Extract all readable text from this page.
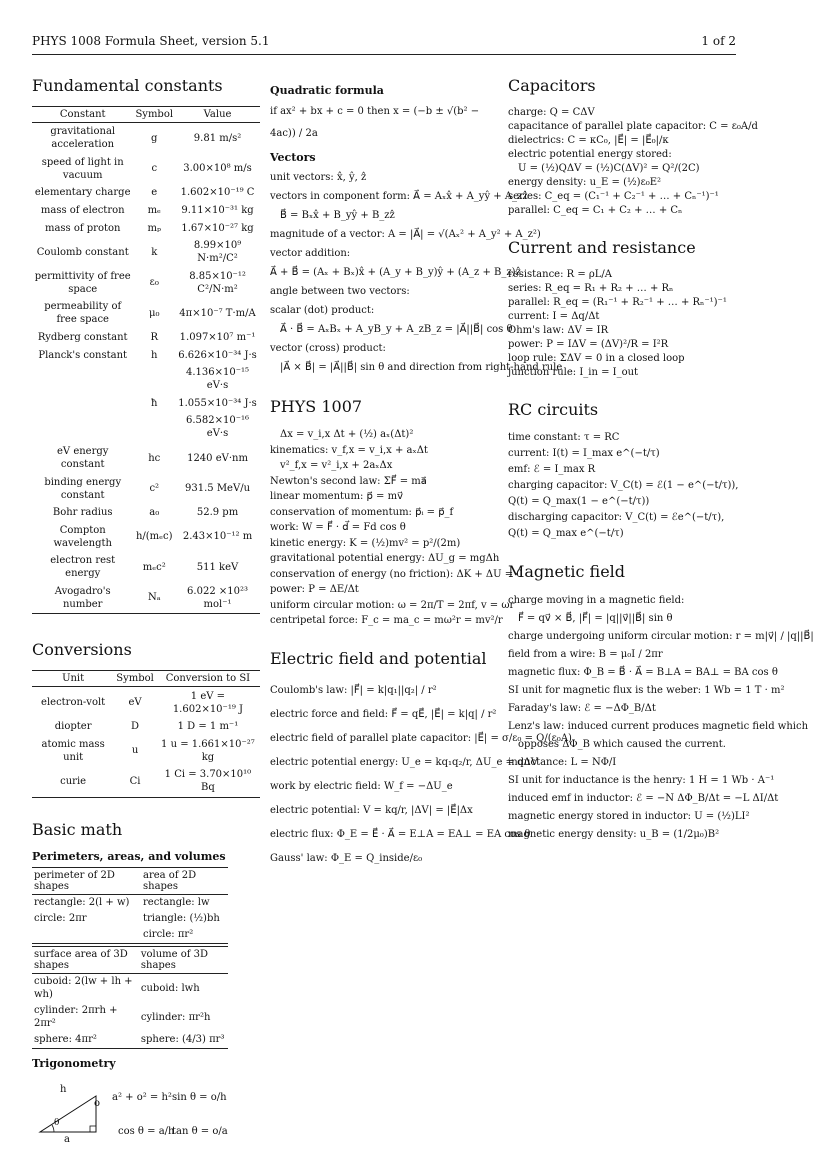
PHYS 1008 Formula Sheet, version 5.1	1 of 2
Fundamental constants
Constant	Symbol	Value
gravitational acceleration	g	9.81 m/s²
speed of light in vacuum	c	3.00×10⁸ m/s
elementary charge	e	1.602×10⁻¹⁹ C
mass of electron	mₑ	9.11×10⁻³¹ kg
mass of proton	mₚ	1.67×10⁻²⁷ kg
Coulomb constant	k	8.99×10⁹ N·m²/C²
permittivity of free space	ε₀	8.85×10⁻¹² C²/N·m²
permeability of free space	μ₀	4π×10⁻⁷ T·m/A
Rydberg constant	R	1.097×10⁷ m⁻¹
Planck's constant	h	6.626×10⁻³⁴ J·s
		4.136×10⁻¹⁵ eV·s
	ħ	1.055×10⁻³⁴ J·s
		6.582×10⁻¹⁶ eV·s
eV energy constant	hc	1240 eV·nm
binding energy constant	c²	931.5 MeV/u
Bohr radius	a₀	52.9 pm
Compton wavelength	h/(mₑc)	2.43×10⁻¹² m
electron rest energy	mₑc²	511 keV
Avogadro's number	Nₐ	6.022 ×10²³ mol⁻¹
Conversions
Unit	Symbol	Conversion to SI
electron-volt	eV	1 eV = 1.602×10⁻¹⁹ J
diopter	D	1 D = 1 m⁻¹
atomic mass unit	u	1 u = 1.661×10⁻²⁷ kg
curie	Ci	1 Ci = 3.70×10¹⁰ Bq
Basic math
Perimeters, areas, and volumes
perimeter of 2D shapes	area of 2D shapes
rectangle: 2(l + w)	rectangle: lw
circle: 2πr	triangle: (½)bh
	circle: πr²
surface area of 3D shapes	volume of 3D shapes
cuboid: 2(lw + lh + wh)	cuboid: lwh
cylinder: 2πrh + 2πr²	cylinder: πr²h
sphere: 4πr²	sphere: (4/3) πr³
Trigonometry
h
o
a
θ
a² + o² = h² sin θ = o/h
cos θ = a/h
tan θ = o/a
Quadratic formula

if ax² + bx + c = 0 then x = (−b ± √(b² − 4ac)) / 2a

Vectors

unit vectors: x̂, ŷ, ẑ

vectors in component form: A⃗ = Aₓx̂ + A_yŷ + A_zẑ

B⃗ = Bₓx̂ + B_yŷ + B_zẑ

magnitude of a vector: A = |A⃗| = √(Aₓ² + A_y² + A_z²)

vector addition:

A⃗ + B⃗ = (Aₓ + Bₓ)x̂ + (A_y + B_y)ŷ + (A_z + B_z)ẑ

angle between two vectors:

scalar (dot) product:

A⃗ · B⃗ = AₓBₓ + A_yB_y + A_zB_z = |A⃗||B⃗| cos θ

vector (cross) product:

|A⃗ × B⃗| = |A⃗||B⃗| sin θ and direction from right-hand rule

PHYS 1007

Δx = v_i,x Δt + (½) aₓ(Δt)²

kinematics: v_f,x = v_i,x + aₓΔt

v²_f,x = v²_i,x + 2aₓΔx

Newton's second law: ΣF⃗ = ma⃗

linear momentum: p⃗ = mv⃗

conservation of momentum: p⃗ᵢ = p⃗_f

work: W = F⃗ · d⃗ = Fd cos θ

kinetic energy: K = (½)mv² = p²/(2m)

gravitational potential energy: ΔU_g = mgΔh

conservation of energy (no friction): ΔK + ΔU = 0

power: P = ΔE/Δt

uniform circular motion: ω = 2π/T = 2πf, v = ωr

centripetal force: F_c = ma_c = mω²r = mv²/r

Electric field and potential

Coulomb's law: |F⃗| = k|q₁||q₂| / r²

electric force and field: F⃗ = qE⃗, |E⃗| = k|q| / r²

electric field of parallel plate capacitor: |E⃗| = σ/ε₀ = Q/(ε₀A)

electric potential energy: U_e = kq₁q₂/r, ΔU_e = qΔV

work by electric field: W_f = −ΔU_e

electric potential: V = kq/r, |ΔV| = |E⃗|Δx

electric flux: Φ_E = E⃗ · A⃗ = E⊥A = EA⊥ = EA cos θ

Gauss' law: Φ_E = Q_inside/ε₀

Capacitors

charge: Q = CΔV

capacitance of parallel plate capacitor: C = ε₀A/d

dielectrics: C = κC₀, |E⃗| = |E⃗₀|/κ

electric potential energy stored:

U = (½)QΔV = (½)C(ΔV)² = Q²/(2C)

energy density: u_E = (½)ε₀E²

series: C_eq = (C₁⁻¹ + C₂⁻¹ + … + Cₙ⁻¹)⁻¹

parallel: C_eq = C₁ + C₂ + … + Cₙ

Current and resistance

resistance: R = ρL/A

series: R_eq = R₁ + R₂ + … + Rₙ

parallel: R_eq = (R₁⁻¹ + R₂⁻¹ + … + Rₙ⁻¹)⁻¹

current: I = Δq/Δt

Ohm's law: ΔV = IR

power: P = IΔV = (ΔV)²/R = I²R

loop rule: ΣΔV = 0 in a closed loop

junction rule: I_in = I_out

RC circuits

time constant: τ = RC

current: I(t) = I_max e^(−t/τ)

emf: ℰ = I_max R

charging capacitor: V_C(t) = ℰ(1 − e^(−t/τ)),

Q(t) = Q_max(1 − e^(−t/τ))

discharging capacitor: V_C(t) = ℰe^(−t/τ),

Q(t) = Q_max e^(−t/τ)

Magnetic field

charge moving in a magnetic field:

F⃗ = qv⃗ × B⃗, |F⃗| = |q||v⃗||B⃗| sin θ

charge undergoing uniform circular motion: r = m|v⃗| / |q||B⃗|

field from a wire: B = μ₀I / 2πr

magnetic flux: Φ_B = B⃗ · A⃗ = B⊥A = BA⊥ = BA cos θ

SI unit for magnetic flux is the weber: 1 Wb = 1 T · m²

Faraday's law: ℰ = −ΔΦ_B/Δt

Lenz's law: induced current produces magnetic field which

opposes ΔΦ_B which caused the current.

inductance: L = NΦ/I

SI unit for inductance is the henry: 1 H = 1 Wb · A⁻¹

induced emf in inductor: ℰ = −N ΔΦ_B/Δt = −L ΔI/Δt

magnetic energy stored in inductor: U = (½)LI²

magnetic energy density: u_B = (1/2μ₀)B²
